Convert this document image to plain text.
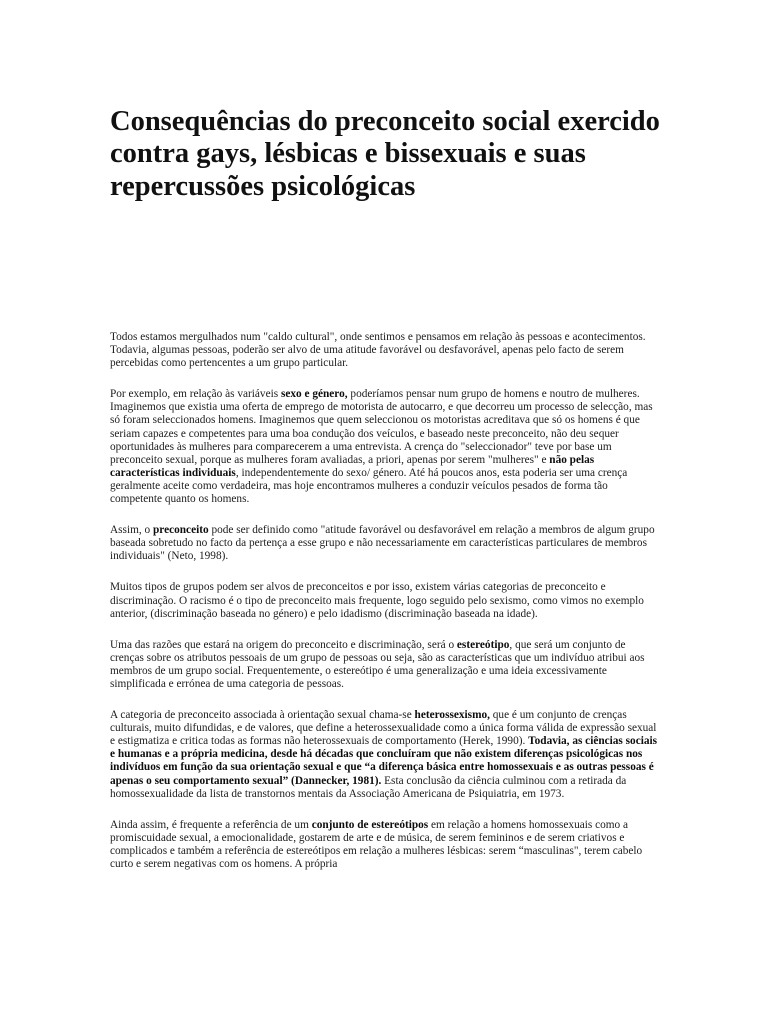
Consequências do preconceito social exercido contra gays, lésbicas e bissexuais e suas repercussões psicológicas

Todos estamos mergulhados num "caldo cultural", onde sentimos e pensamos em relação às pessoas e acontecimentos. Todavia, algumas pessoas, poderão ser alvo de uma atitude favorável ou desfavorável, apenas pelo facto de serem percebidas como pertencentes a um grupo particular.

Por exemplo, em relação às variáveis sexo e género, poderíamos pensar num grupo de homens e noutro de mulheres. Imaginemos que existia uma oferta de emprego de motorista de autocarro, e que decorreu um processo de selecção, mas só foram seleccionados homens. Imaginemos que quem seleccionou os motoristas acreditava que só os homens é que seriam capazes e competentes para uma boa condução dos veículos, e baseado neste preconceito, não deu sequer oportunidades às mulheres para comparecerem a uma entrevista. A crença do "seleccionador" teve por base um preconceito sexual, porque as mulheres foram avaliadas, a priori, apenas por serem "mulheres" e não pelas características individuais, independentemente do sexo/ género. Até há poucos anos, esta poderia ser uma crença geralmente aceite como verdadeira, mas hoje encontramos mulheres a conduzir veículos pesados de forma tão competente quanto os homens.

Assim, o preconceito pode ser definido como "atitude favorável ou desfavorável em relação a membros de algum grupo baseada sobretudo no facto da pertença a esse grupo e não necessariamente em características particulares de membros individuais" (Neto, 1998).

Muitos tipos de grupos podem ser alvos de preconceitos e por isso, existem várias categorias de preconceito e discriminação. O racismo é o tipo de preconceito mais frequente, logo seguido pelo sexismo, como vimos no exemplo anterior, (discriminação baseada no género) e pelo idadismo (discriminação baseada na idade).

Uma das razões que estará na origem do preconceito e discriminação, será o estereótipo, que será um conjunto de crenças sobre os atributos pessoais de um grupo de pessoas ou seja, são as características que um indivíduo atribui aos membros de um grupo social. Frequentemente, o estereótipo é uma generalização e uma ideia excessivamente simplificada e errónea de uma categoria de pessoas.

A categoria de preconceito associada à orientação sexual chama-se heterossexismo, que é um conjunto de crenças culturais, muito difundidas, e de valores, que define a heterossexualidade como a única forma válida de expressão sexual e estigmatiza e critica todas as formas não heterossexuais de comportamento (Herek, 1990). Todavia, as ciências sociais e humanas e a própria medicina, desde há décadas que concluíram que não existem diferenças psicológicas nos indivíduos em função da sua orientação sexual e que “a diferença básica entre homossexuais e as outras pessoas é apenas o seu comportamento sexual” (Dannecker, 1981). Esta conclusão da ciência culminou com a retirada da homossexualidade da lista de transtornos mentais da Associação Americana de Psiquiatria, em 1973.

Ainda assim, é frequente a referência de um conjunto de estereótipos em relação a homens homossexuais como a promiscuidade sexual, a emocionalidade, gostarem de arte e de música, de serem femininos e de serem criativos e complicados e também a referência de estereótipos em relação a mulheres lésbicas: serem “masculinas", terem cabelo curto e serem negativas com os homens. A própria
